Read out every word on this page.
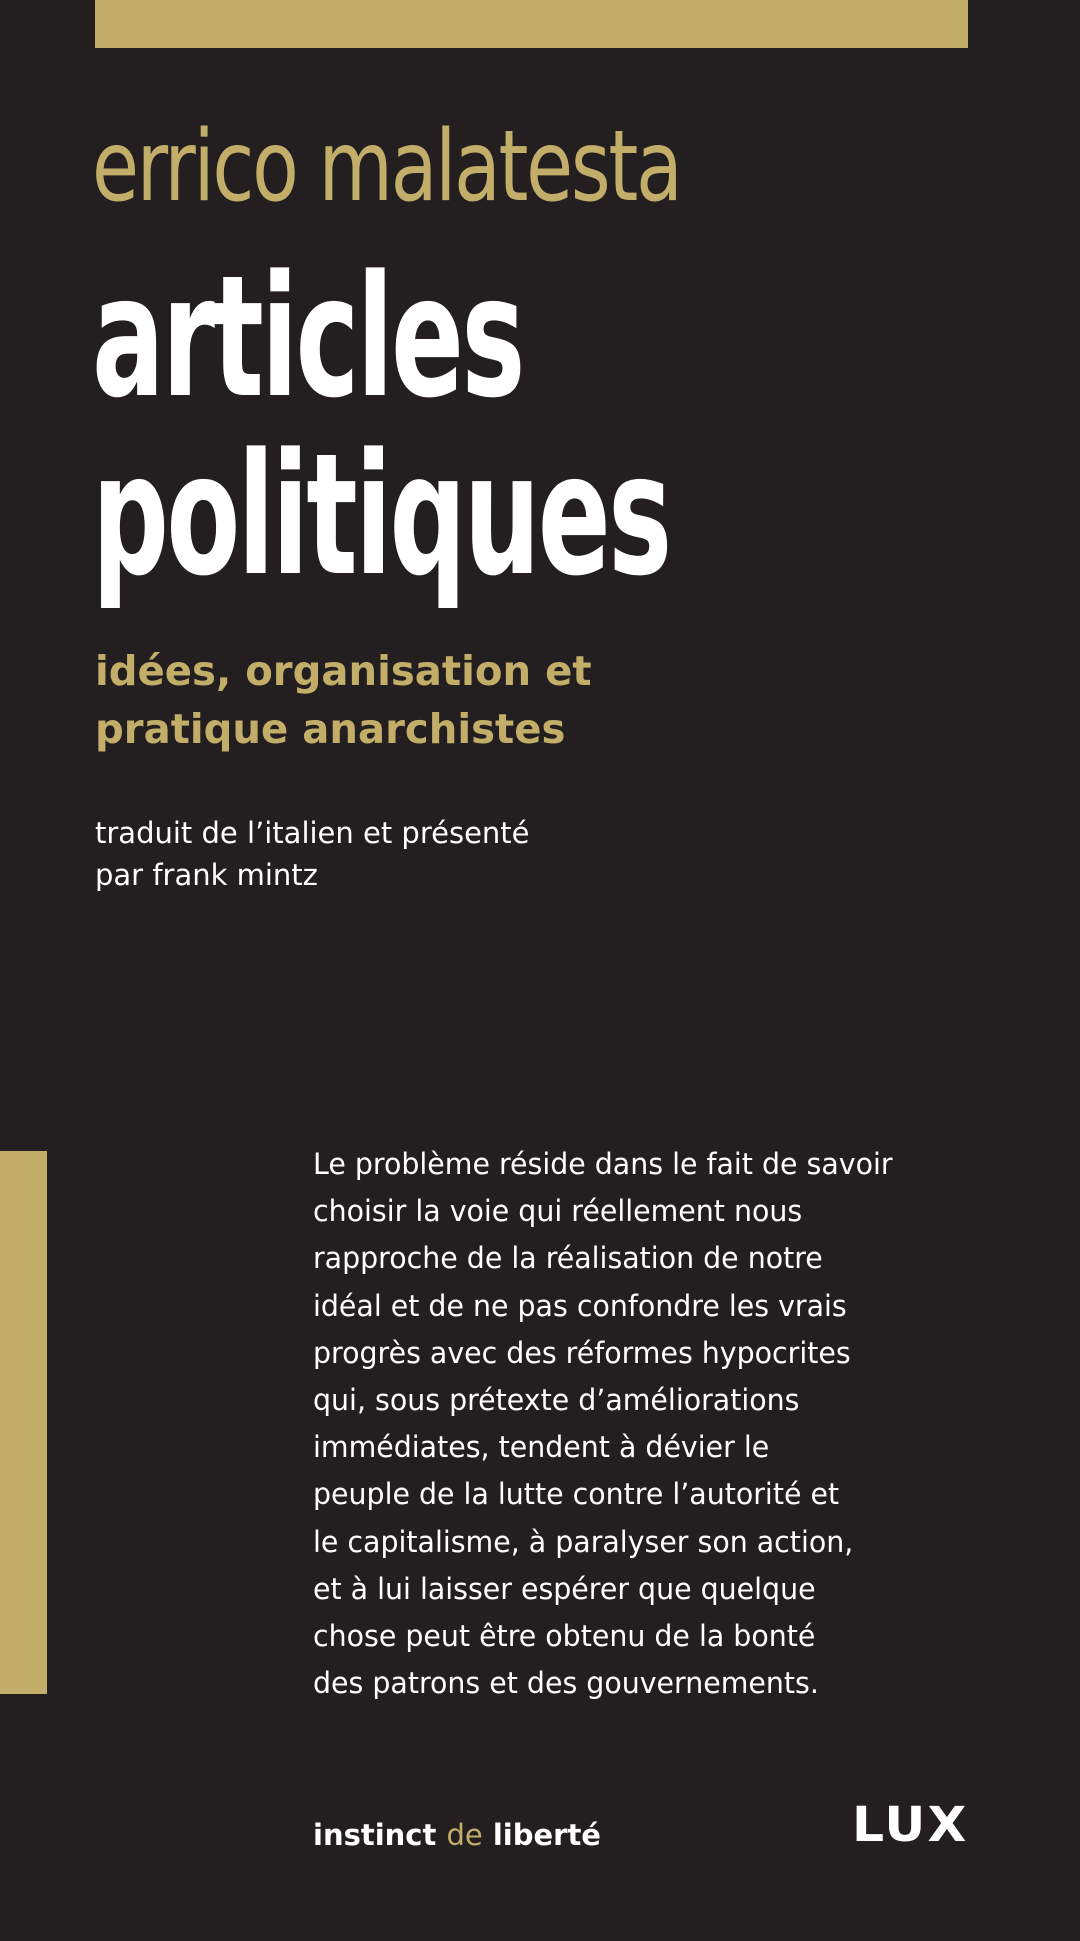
errico malatesta
articles
politiques
idées, organisation et
pratique anarchistes

traduit de l’italien et présenté
par frank mintz

Le problème réside dans le fait de savoir
choisir la voie qui réellement nous
rapproche de la réalisation de notre
idéal et de ne pas confondre les vrais
progrès avec des réformes hypocrites
qui, sous prétexte d’améliorations
immédiates, tendent à dévier le
peuple de la lutte contre l’autorité et
le capitalisme, à paralyser son action,
et à lui laisser espérer que quelque
chose peut être obtenu de la bonté
des patrons et des gouvernements.

instinct de liberté	LUX
